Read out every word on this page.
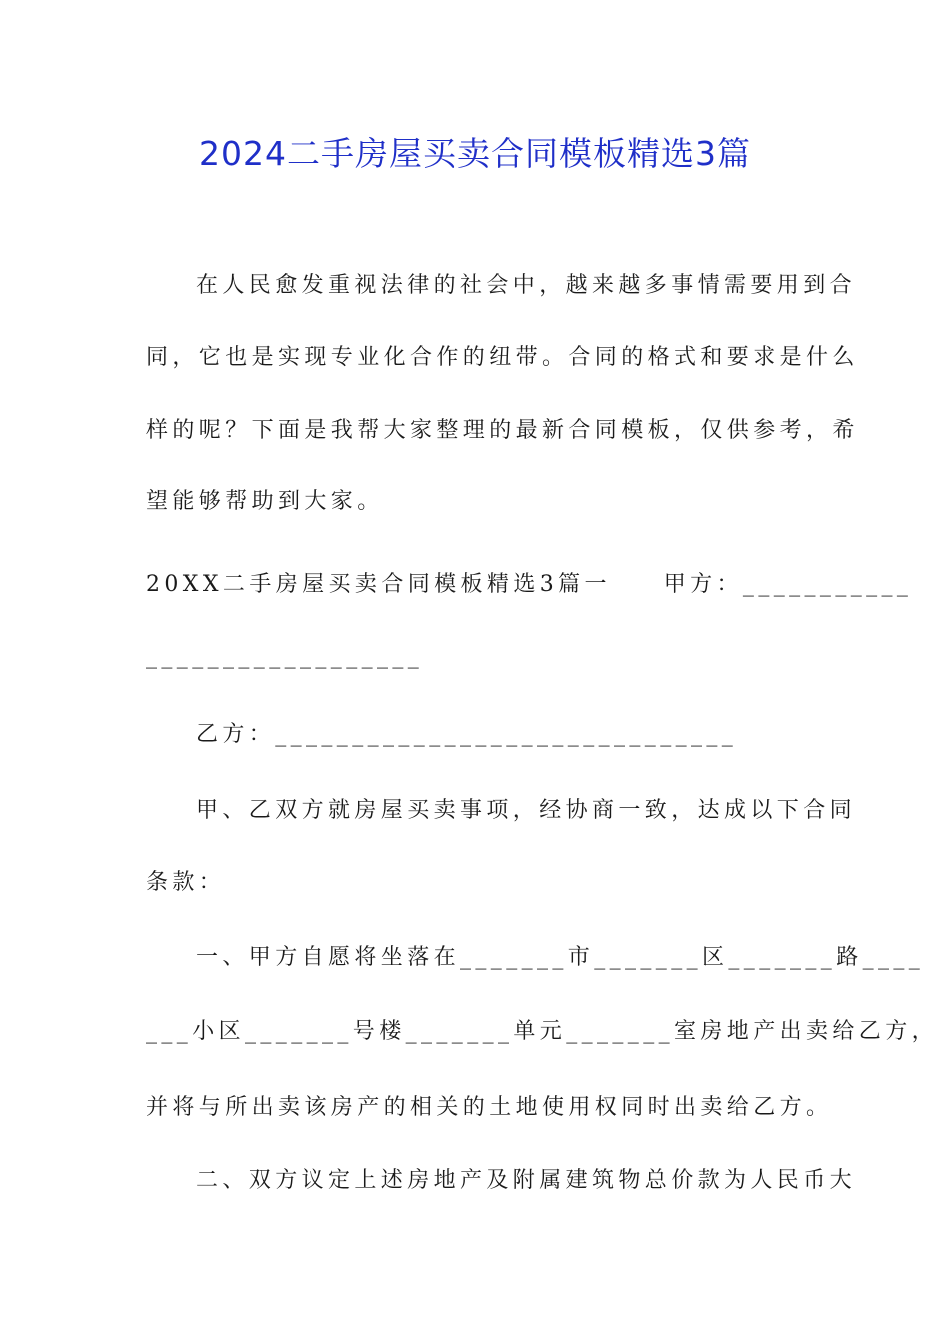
2024二手房屋买卖合同模板精选3篇
在人民愈发重视法律的社会中，越来越多事情需要用到合
同，它也是实现专业化合作的纽带。合同的格式和要求是什么
样的呢？下面是我帮大家整理的最新合同模板，仅供参考，希
望能够帮助到大家。
20XX二手房屋买卖合同模板精选3篇一　　甲方：___________
__________________
乙方：______________________________
甲、乙双方就房屋买卖事项，经协商一致，达成以下合同
条款：
一、甲方自愿将坐落在_______市_______区_______路____
___小区_______号楼_______单元_______室房地产出卖给乙方，
并将与所出卖该房产的相关的土地使用权同时出卖给乙方。
二、双方议定上述房地产及附属建筑物总价款为人民币大
